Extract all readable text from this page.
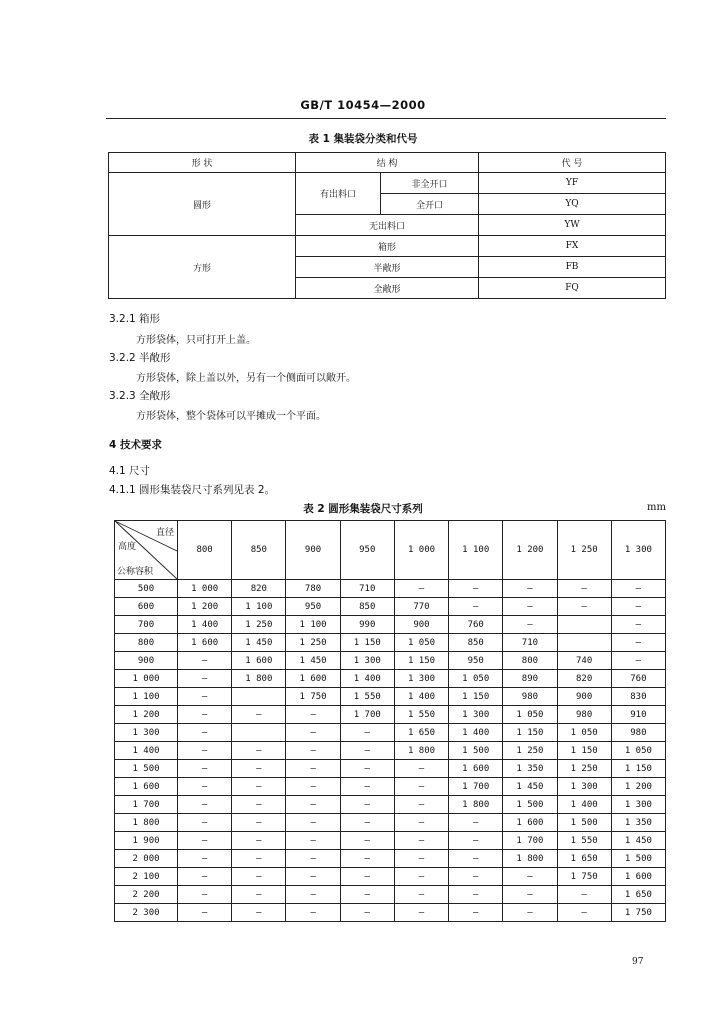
GB/T 10454—2000
表 1 集装袋分类和代号
形 状	结 构		代 号
圆形	有出料口	非全开口	YF
		全开口	YQ
	无出料口		YW
方形	箱形		FX
	半敞形		FB
	全敞形		FQ
3.2.1 箱形
方形袋体，只可打开上盖。
3.2.2 半敞形
方形袋体，除上盖以外，另有一个侧面可以敞开。
3.2.3 全敞形
方形袋体，整个袋体可以平摊成一个平面。
4 技术要求
4.1 尺寸
4.1.1 圆形集装袋尺寸系列见表 2。
表 2 圆形集装袋尺寸系列	mm
直径
高度
公称容积	800	850	900	950	1 000	1 100	1 200	1 250	1 300
500	1 000	820	780	710	—	—	—	—	—
600	1 200	1 100	950	850	770	—	—	—	—
700	1 400	1 250	1 100	990	900	760	—		—
800	1 600	1 450	1 250	1 150	1 050	850	710		—
900	—	1 600	1 450	1 300	1 150	950	800	740	—
1 000	—	1 800	1 600	1 400	1 300	1 050	890	820	760
1 100	—		1 750	1 550	1 400	1 150	980	900	830
1 200	—	—	—	1 700	1 550	1 300	1 050	980	910
1 300	—		—	—	1 650	1 400	1 150	1 050	980
1 400	—	—	—	—	1 800	1 500	1 250	1 150	1 050
1 500	—	—	—	—	—	1 600	1 350	1 250	1 150
1 600	—	—	—	—	—	1 700	1 450	1 300	1 200
1 700	—	—	—	—	—	1 800	1 500	1 400	1 300
1 800	—	—	—	—	—	—	1 600	1 500	1 350
1 900	—	—	—	—	—	—	1 700	1 550	1 450
2 000	—	—	—	—	—	—	1 800	1 650	1 500
2 100	—	—	—	—	—	—	—	1 750	1 600
2 200	—	—	—	—	—	—	—	—	1 650
2 300	—	—	—	—	—	—	—	—	1 750
97
